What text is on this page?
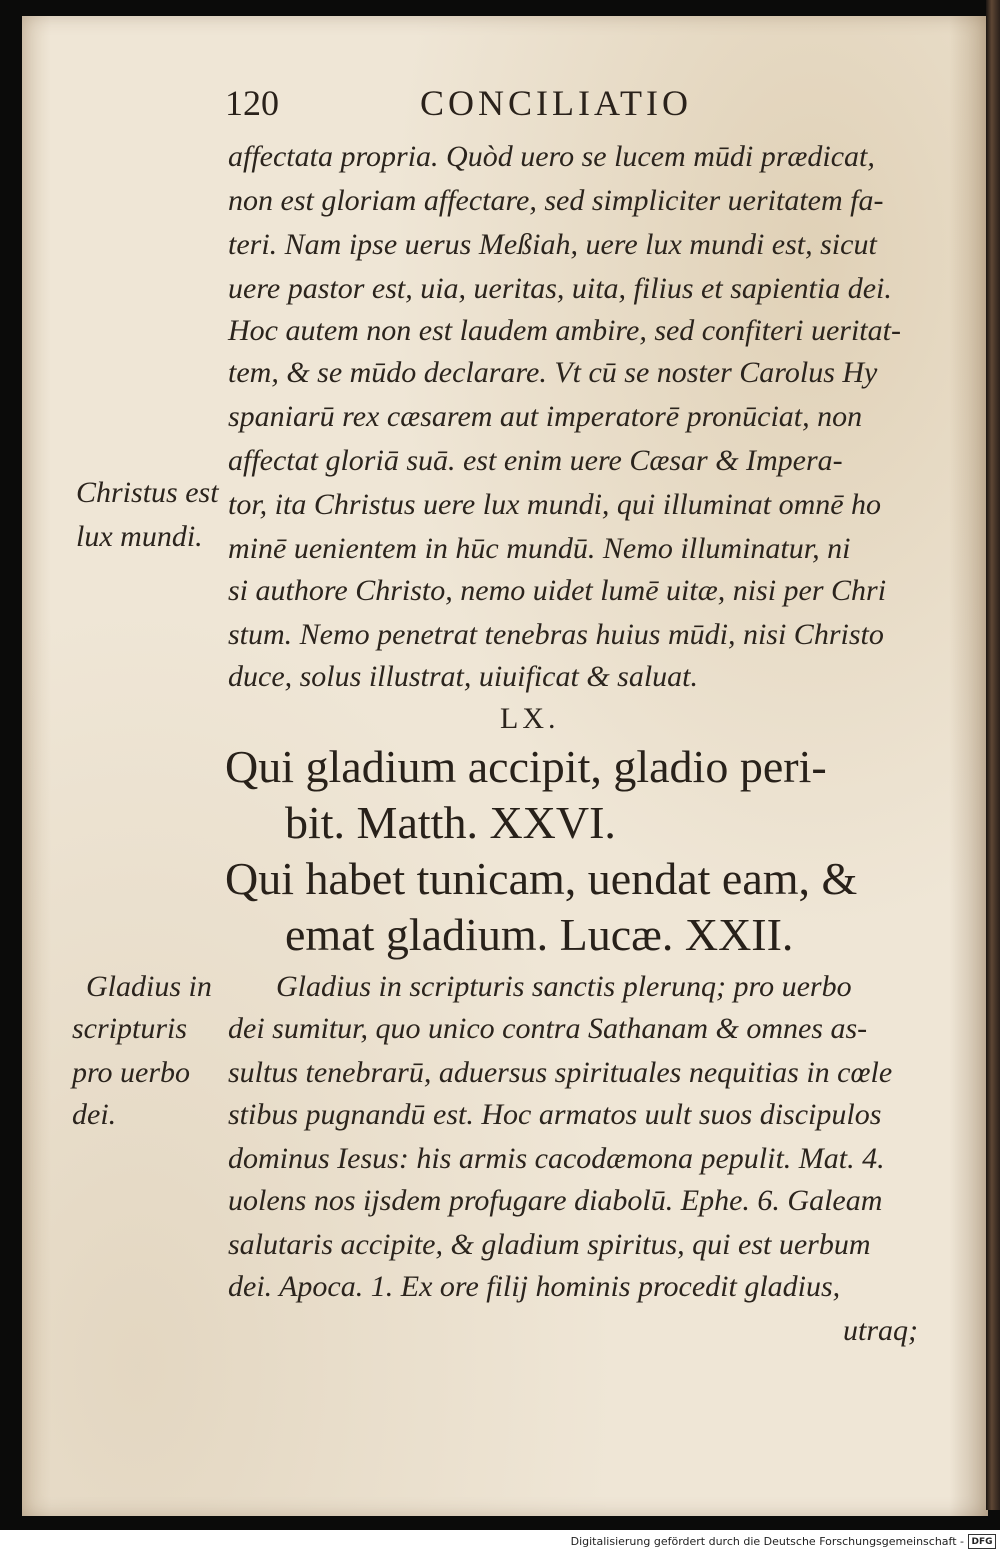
120	CONCILIATIO
affectata propria. Quòd uero se lucem mūdi prædicat,
non est gloriam affectare, sed simpliciter ueritatem fa-
teri. Nam ipse uerus Meßiah, uere lux mundi est, sicut
uere pastor est, uia, ueritas, uita, filius et sapientia dei.
Hoc autem non est laudem ambire, sed confiteri ueritat-
tem, & se mūdo declarare. Vt cū se noster Carolus Hy
spaniarū rex cæsarem aut imperatorē pronūciat, non
affectat gloriā suā. est enim uere Cæsar & Impera-
tor, ita Christus uere lux mundi, qui illuminat omnē ho
minē uenientem in hūc mundū. Nemo illuminatur, ni
si authore Christo, nemo uidet lumē uitæ, nisi per Chri
stum. Nemo penetrat tenebras huius mūdi, nisi Christo
duce, solus illustrat, uiuificat & saluat.
Christus est
lux mundi.
LX.
Qui gladium accipit, gladio peri-
bit. Matth. XXVI.
Qui habet tunicam, uendat eam, &
emat gladium. Lucæ. XXII.
Gladius in
scripturis
pro uerbo
dei.
Gladius in scripturis sanctis plerunq; pro uerbo
dei sumitur, quo unico contra Sathanam & omnes as-
sultus tenebrarū, aduersus spirituales nequitias in cœle
stibus pugnandū est. Hoc armatos uult suos discipulos
dominus Iesus: his armis cacodæmona pepulit. Mat. 4.
uolens nos ijsdem profugare diabolū. Ephe. 6. Galeam
salutaris accipite, & gladium spiritus, qui est uerbum
dei. Apoca. 1. Ex ore filij hominis procedit gladius,
utraq;
Digitalisierung gefördert durch die Deutsche Forschungsgemeinschaft - DFG
